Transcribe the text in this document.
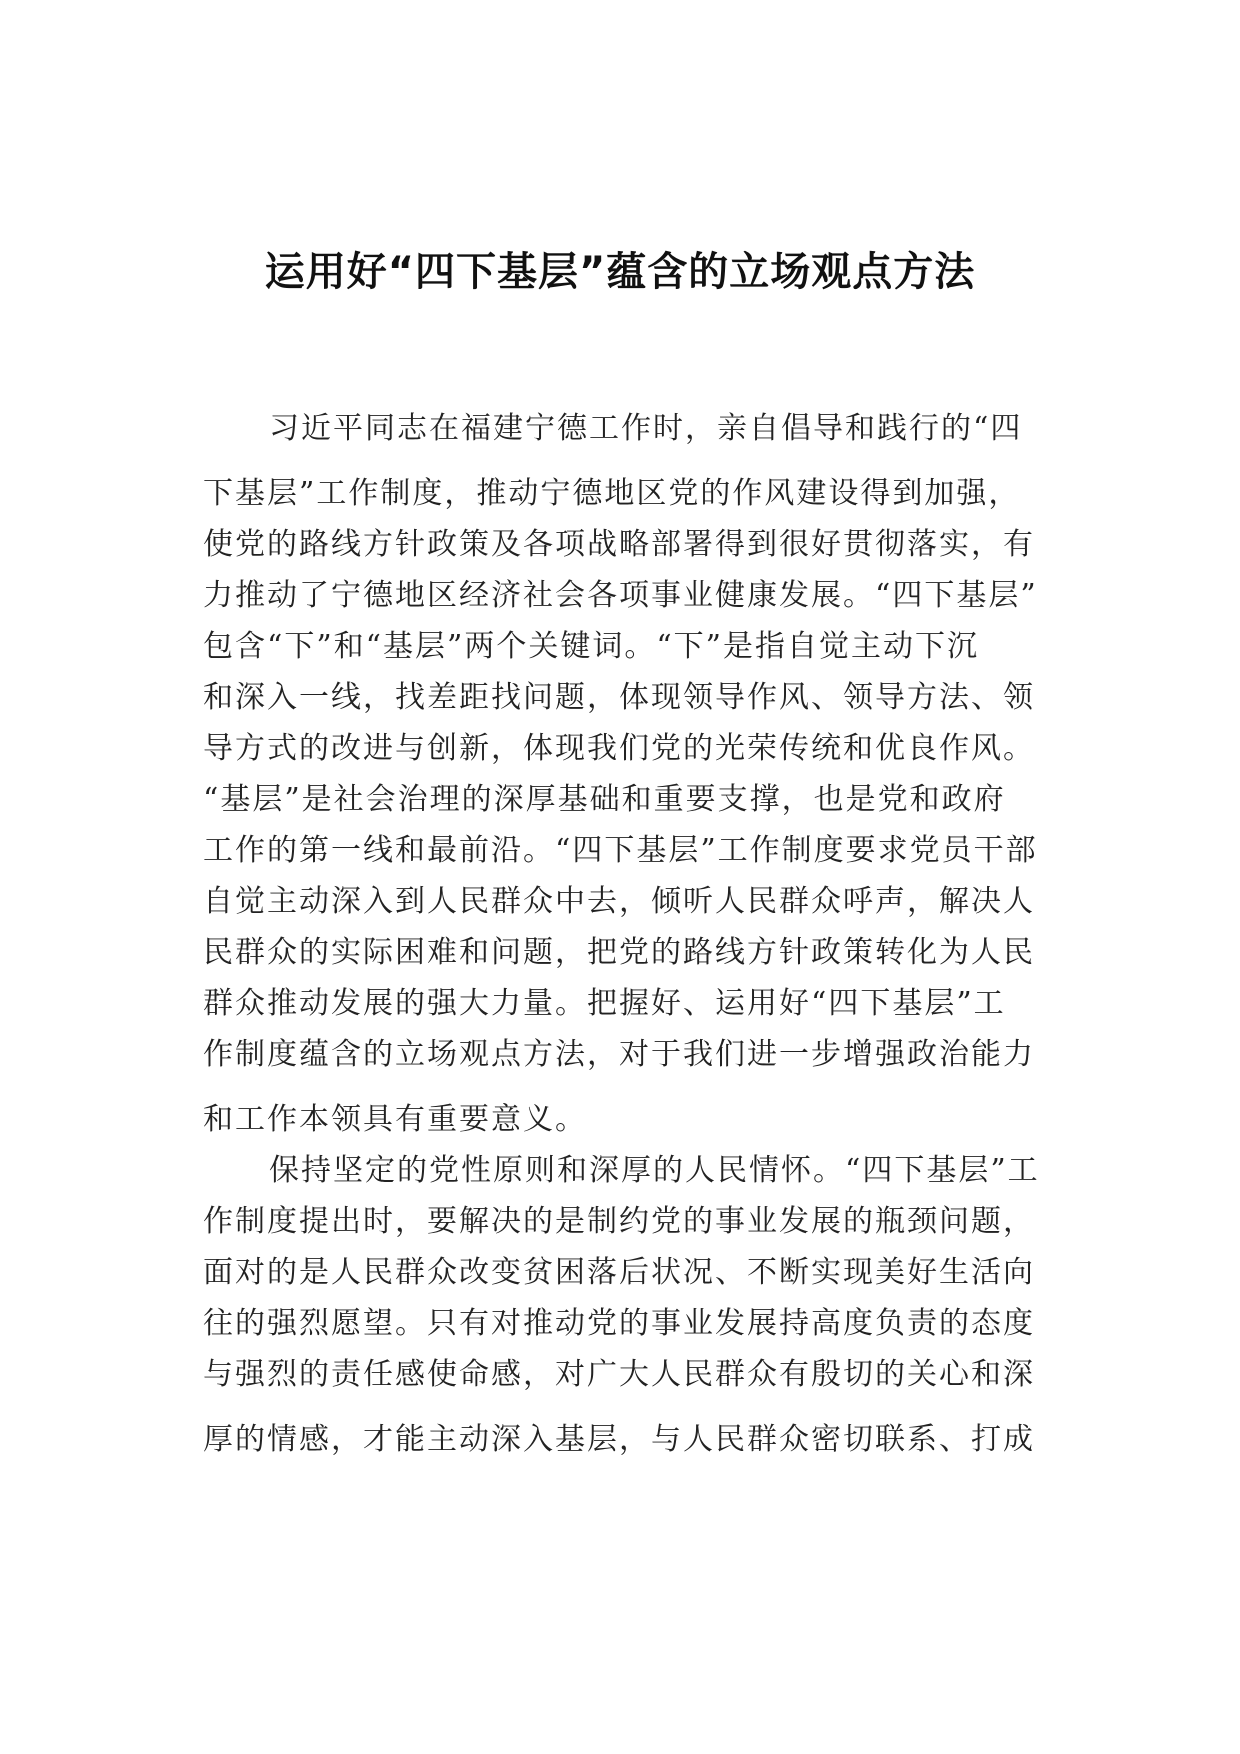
运用好“四下基层”蕴含的立场观点方法
习近平同志在福建宁德工作时，亲自倡导和践行的“四
下基层”工作制度，推动宁德地区党的作风建设得到加强，
使党的路线方针政策及各项战略部署得到很好贯彻落实，有
力推动了宁德地区经济社会各项事业健康发展。“四下基层”
包含“下”和“基层”两个关键词。“下”是指自觉主动下沉
和深入一线，找差距找问题，体现领导作风、领导方法、领
导方式的改进与创新，体现我们党的光荣传统和优良作风。
“基层”是社会治理的深厚基础和重要支撑，也是党和政府
工作的第一线和最前沿。“四下基层”工作制度要求党员干部
自觉主动深入到人民群众中去，倾听人民群众呼声，解决人
民群众的实际困难和问题，把党的路线方针政策转化为人民
群众推动发展的强大力量。把握好、运用好“四下基层”工
作制度蕴含的立场观点方法，对于我们进一步增强政治能力
和工作本领具有重要意义。
保持坚定的党性原则和深厚的人民情怀。“四下基层”工
作制度提出时，要解决的是制约党的事业发展的瓶颈问题，
面对的是人民群众改变贫困落后状况、不断实现美好生活向
往的强烈愿望。只有对推动党的事业发展持高度负责的态度
与强烈的责任感使命感，对广大人民群众有殷切的关心和深
厚的情感，才能主动深入基层，与人民群众密切联系、打成
